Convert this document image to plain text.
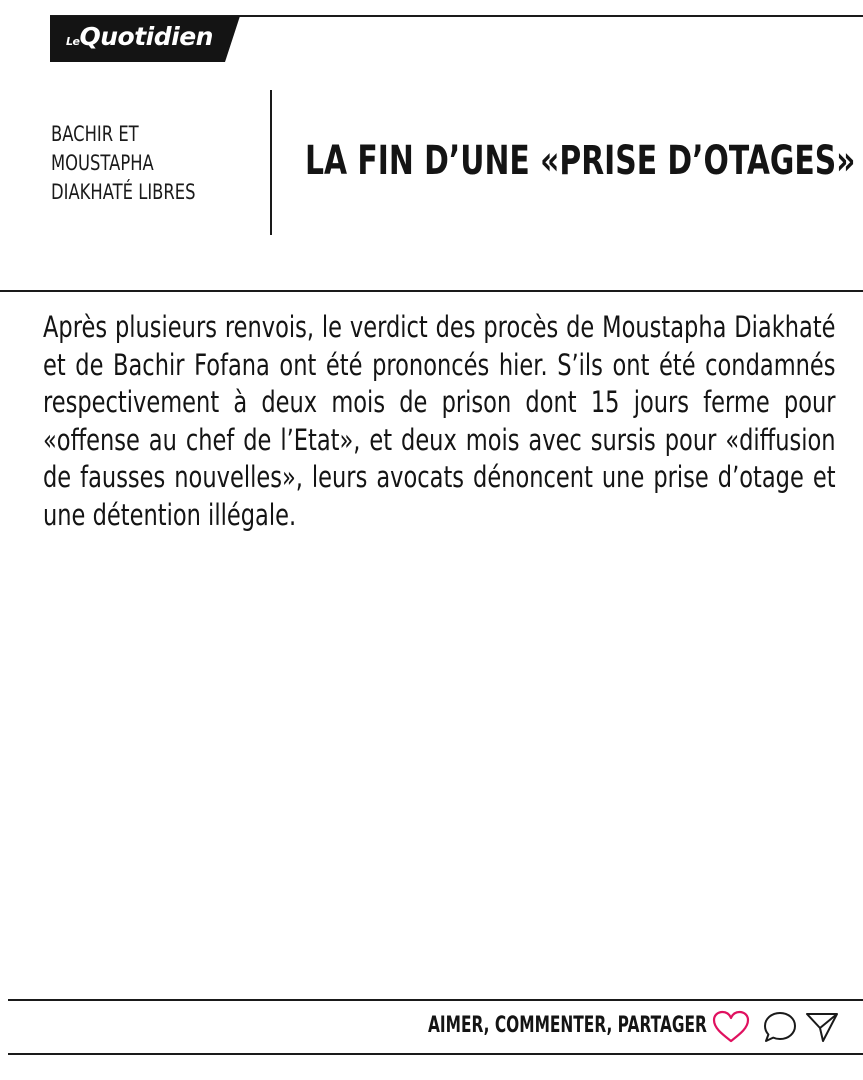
LeQuotidien
BACHIR ET
MOUSTAPHA
DIAKHATÉ LIBRES
LA FIN D’UNE «PRISE D’OTAGES»

Après plusieurs renvois, le verdict des procès de Moustapha Diakhaté et de Bachir Fofana ont été prononcés hier. S’ils ont été condamnés respectivement à deux mois de prison dont 15 jours ferme pour «offense au chef de l’Etat», et deux mois avec sursis pour «diffusion de fausses nouvelles», leurs avocats dénoncent une prise d’otage et une détention illégale.

AIMER, COMMENTER, PARTAGER
